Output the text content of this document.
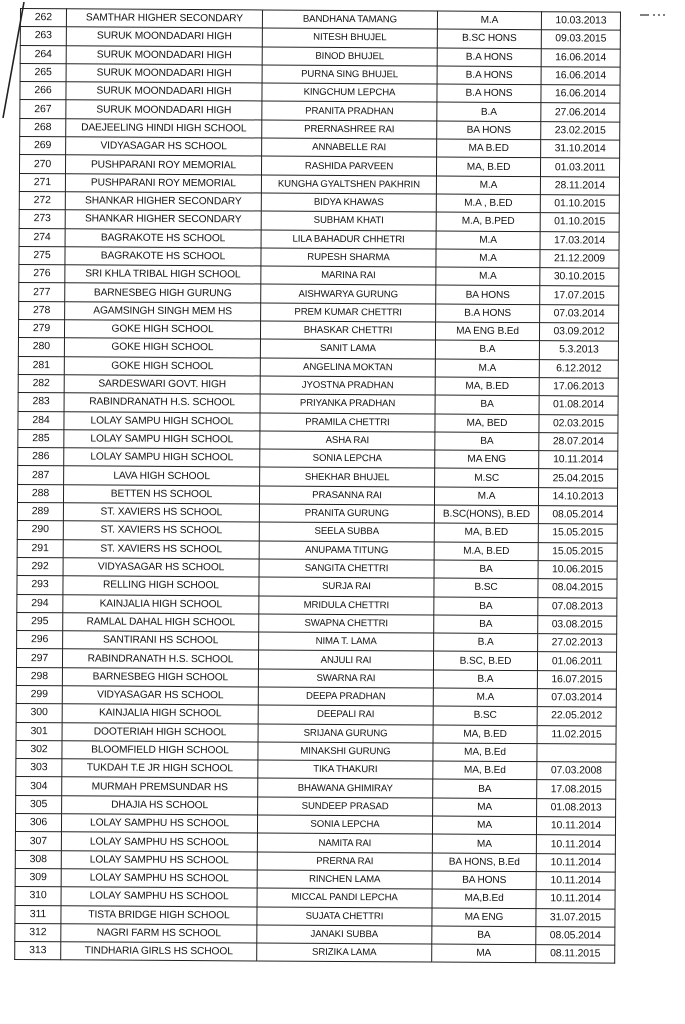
262	SAMTHAR HIGHER SECONDARY	BANDHANA TAMANG	M.A	10.03.2013
263	SURUK MOONDADARI HIGH	NITESH BHUJEL	B.SC HONS	09.03.2015
264	SURUK MOONDADARI HIGH	BINOD BHUJEL	B.A HONS	16.06.2014
265	SURUK MOONDADARI HIGH	PURNA SING BHUJEL	B.A HONS	16.06.2014
266	SURUK MOONDADARI HIGH	KINGCHUM LEPCHA	B.A HONS	16.06.2014
267	SURUK MOONDADARI HIGH	PRANITA PRADHAN	B.A	27.06.2014
268	DAEJEELING HINDI HIGH SCHOOL	PRERNASHREE RAI	BA HONS	23.02.2015
269	VIDYASAGAR HS SCHOOL	ANNABELLE RAI	MA B.ED	31.10.2014
270	PUSHPARANI ROY MEMORIAL	RASHIDA PARVEEN	MA, B.ED	01.03.2011
271	PUSHPARANI ROY MEMORIAL	KUNGHA GYALTSHEN PAKHRIN	M.A	28.11.2014
272	SHANKAR HIGHER SECONDARY	BIDYA KHAWAS	M.A , B.ED	01.10.2015
273	SHANKAR HIGHER SECONDARY	SUBHAM KHATI	M.A, B.PED	01.10.2015
274	BAGRAKOTE HS SCHOOL	LILA BAHADUR CHHETRI	M.A	17.03.2014
275	BAGRAKOTE HS SCHOOL	RUPESH SHARMA	M.A	21.12.2009
276	SRI KHLA TRIBAL HIGH SCHOOL	MARINA RAI	M.A	30.10.2015
277	BARNESBEG HIGH GURUNG	AISHWARYA GURUNG	BA HONS	17.07.2015
278	AGAMSINGH SINGH MEM HS	PREM KUMAR CHETTRI	B.A HONS	07.03.2014
279	GOKE HIGH SCHOOL	BHASKAR CHETTRI	MA ENG B.Ed	03.09.2012
280	GOKE HIGH SCHOOL	SANIT LAMA	B.A	5.3.2013
281	GOKE HIGH SCHOOL	ANGELINA MOKTAN	M.A	6.12.2012
282	SARDESWARI GOVT. HIGH	JYOSTNA PRADHAN	MA, B.ED	17.06.2013
283	RABINDRANATH H.S. SCHOOL	PRIYANKA PRADHAN	BA	01.08.2014
284	LOLAY SAMPU HIGH SCHOOL	PRAMILA CHETTRI	MA, BED	02.03.2015
285	LOLAY SAMPU HIGH SCHOOL	ASHA RAI	BA	28.07.2014
286	LOLAY SAMPU HIGH SCHOOL	SONIA LEPCHA	MA ENG	10.11.2014
287	LAVA HIGH SCHOOL	SHEKHAR BHUJEL	M.SC	25.04.2015
288	BETTEN HS SCHOOL	PRASANNA RAI	M.A	14.10.2013
289	ST. XAVIERS HS SCHOOL	PRANITA GURUNG	B.SC(HONS), B.ED	08.05.2014
290	ST. XAVIERS HS SCHOOL	SEELA SUBBA	MA, B.ED	15.05.2015
291	ST. XAVIERS HS SCHOOL	ANUPAMA TITUNG	M.A, B.ED	15.05.2015
292	VIDYASAGAR HS SCHOOL	SANGITA CHETTRI	BA	10.06.2015
293	RELLING HIGH SCHOOL	SURJA RAI	B.SC	08.04.2015
294	KAINJALIA HIGH SCHOOL	MRIDULA CHETTRI	BA	07.08.2013
295	RAMLAL DAHAL HIGH SCHOOL	SWAPNA CHETTRI	BA	03.08.2015
296	SANTIRANI HS SCHOOL	NIMA T. LAMA	B.A	27.02.2013
297	RABINDRANATH H.S. SCHOOL	ANJULI RAI	B.SC, B.ED	01.06.2011
298	BARNESBEG HIGH SCHOOL	SWARNA RAI	B.A	16.07.2015
299	VIDYASAGAR HS SCHOOL	DEEPA PRADHAN	M.A	07.03.2014
300	KAINJALIA HIGH SCHOOL	DEEPALI RAI	B.SC	22.05.2012
301	DOOTERIAH HIGH SCHOOL	SRIJANA GURUNG	MA, B.ED	11.02.2015
302	BLOOMFIELD HIGH SCHOOL	MINAKSHI GURUNG	MA, B.Ed	
303	TUKDAH T.E JR HIGH SCHOOL	TIKA THAKURI	MA, B.Ed	07.03.2008
304	MURMAH PREMSUNDAR HS	BHAWANA GHIMIRAY	BA	17.08.2015
305	DHAJIA HS SCHOOL	SUNDEEP PRASAD	MA	01.08.2013
306	LOLAY SAMPHU HS SCHOOL	SONIA LEPCHA	MA	10.11.2014
307	LOLAY SAMPHU HS SCHOOL	NAMITA RAI	MA	10.11.2014
308	LOLAY SAMPHU HS SCHOOL	PRERNA RAI	BA HONS, B.Ed	10.11.2014
309	LOLAY SAMPHU HS SCHOOL	RINCHEN LAMA	BA HONS	10.11.2014
310	LOLAY SAMPHU HS SCHOOL	MICCAL PANDI LEPCHA	MA,B.Ed	10.11.2014
311	TISTA BRIDGE HIGH SCHOOL	SUJATA CHETTRI	MA ENG	31.07.2015
312	NAGRI FARM HS SCHOOL	JANAKI SUBBA	BA	08.05.2014
313	TINDHARIA GIRLS HS SCHOOL	SRIZIKA LAMA	MA	08.11.2015
